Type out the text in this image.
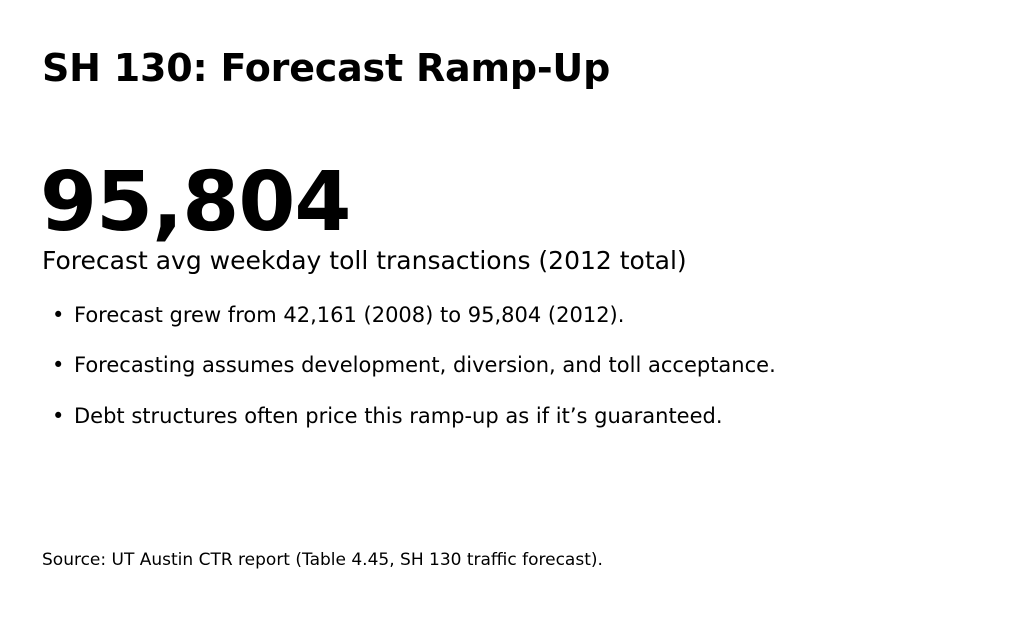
SH 130: Forecast Ramp-Up
95,804
Forecast avg weekday toll transactions (2012 total)
• Forecast grew from 42,161 (2008) to 95,804 (2012).
• Forecasting assumes development, diversion, and toll acceptance.
• Debt structures often price this ramp-up as if it’s guaranteed.
Source: UT Austin CTR report (Table 4.45, SH 130 traffic forecast).
